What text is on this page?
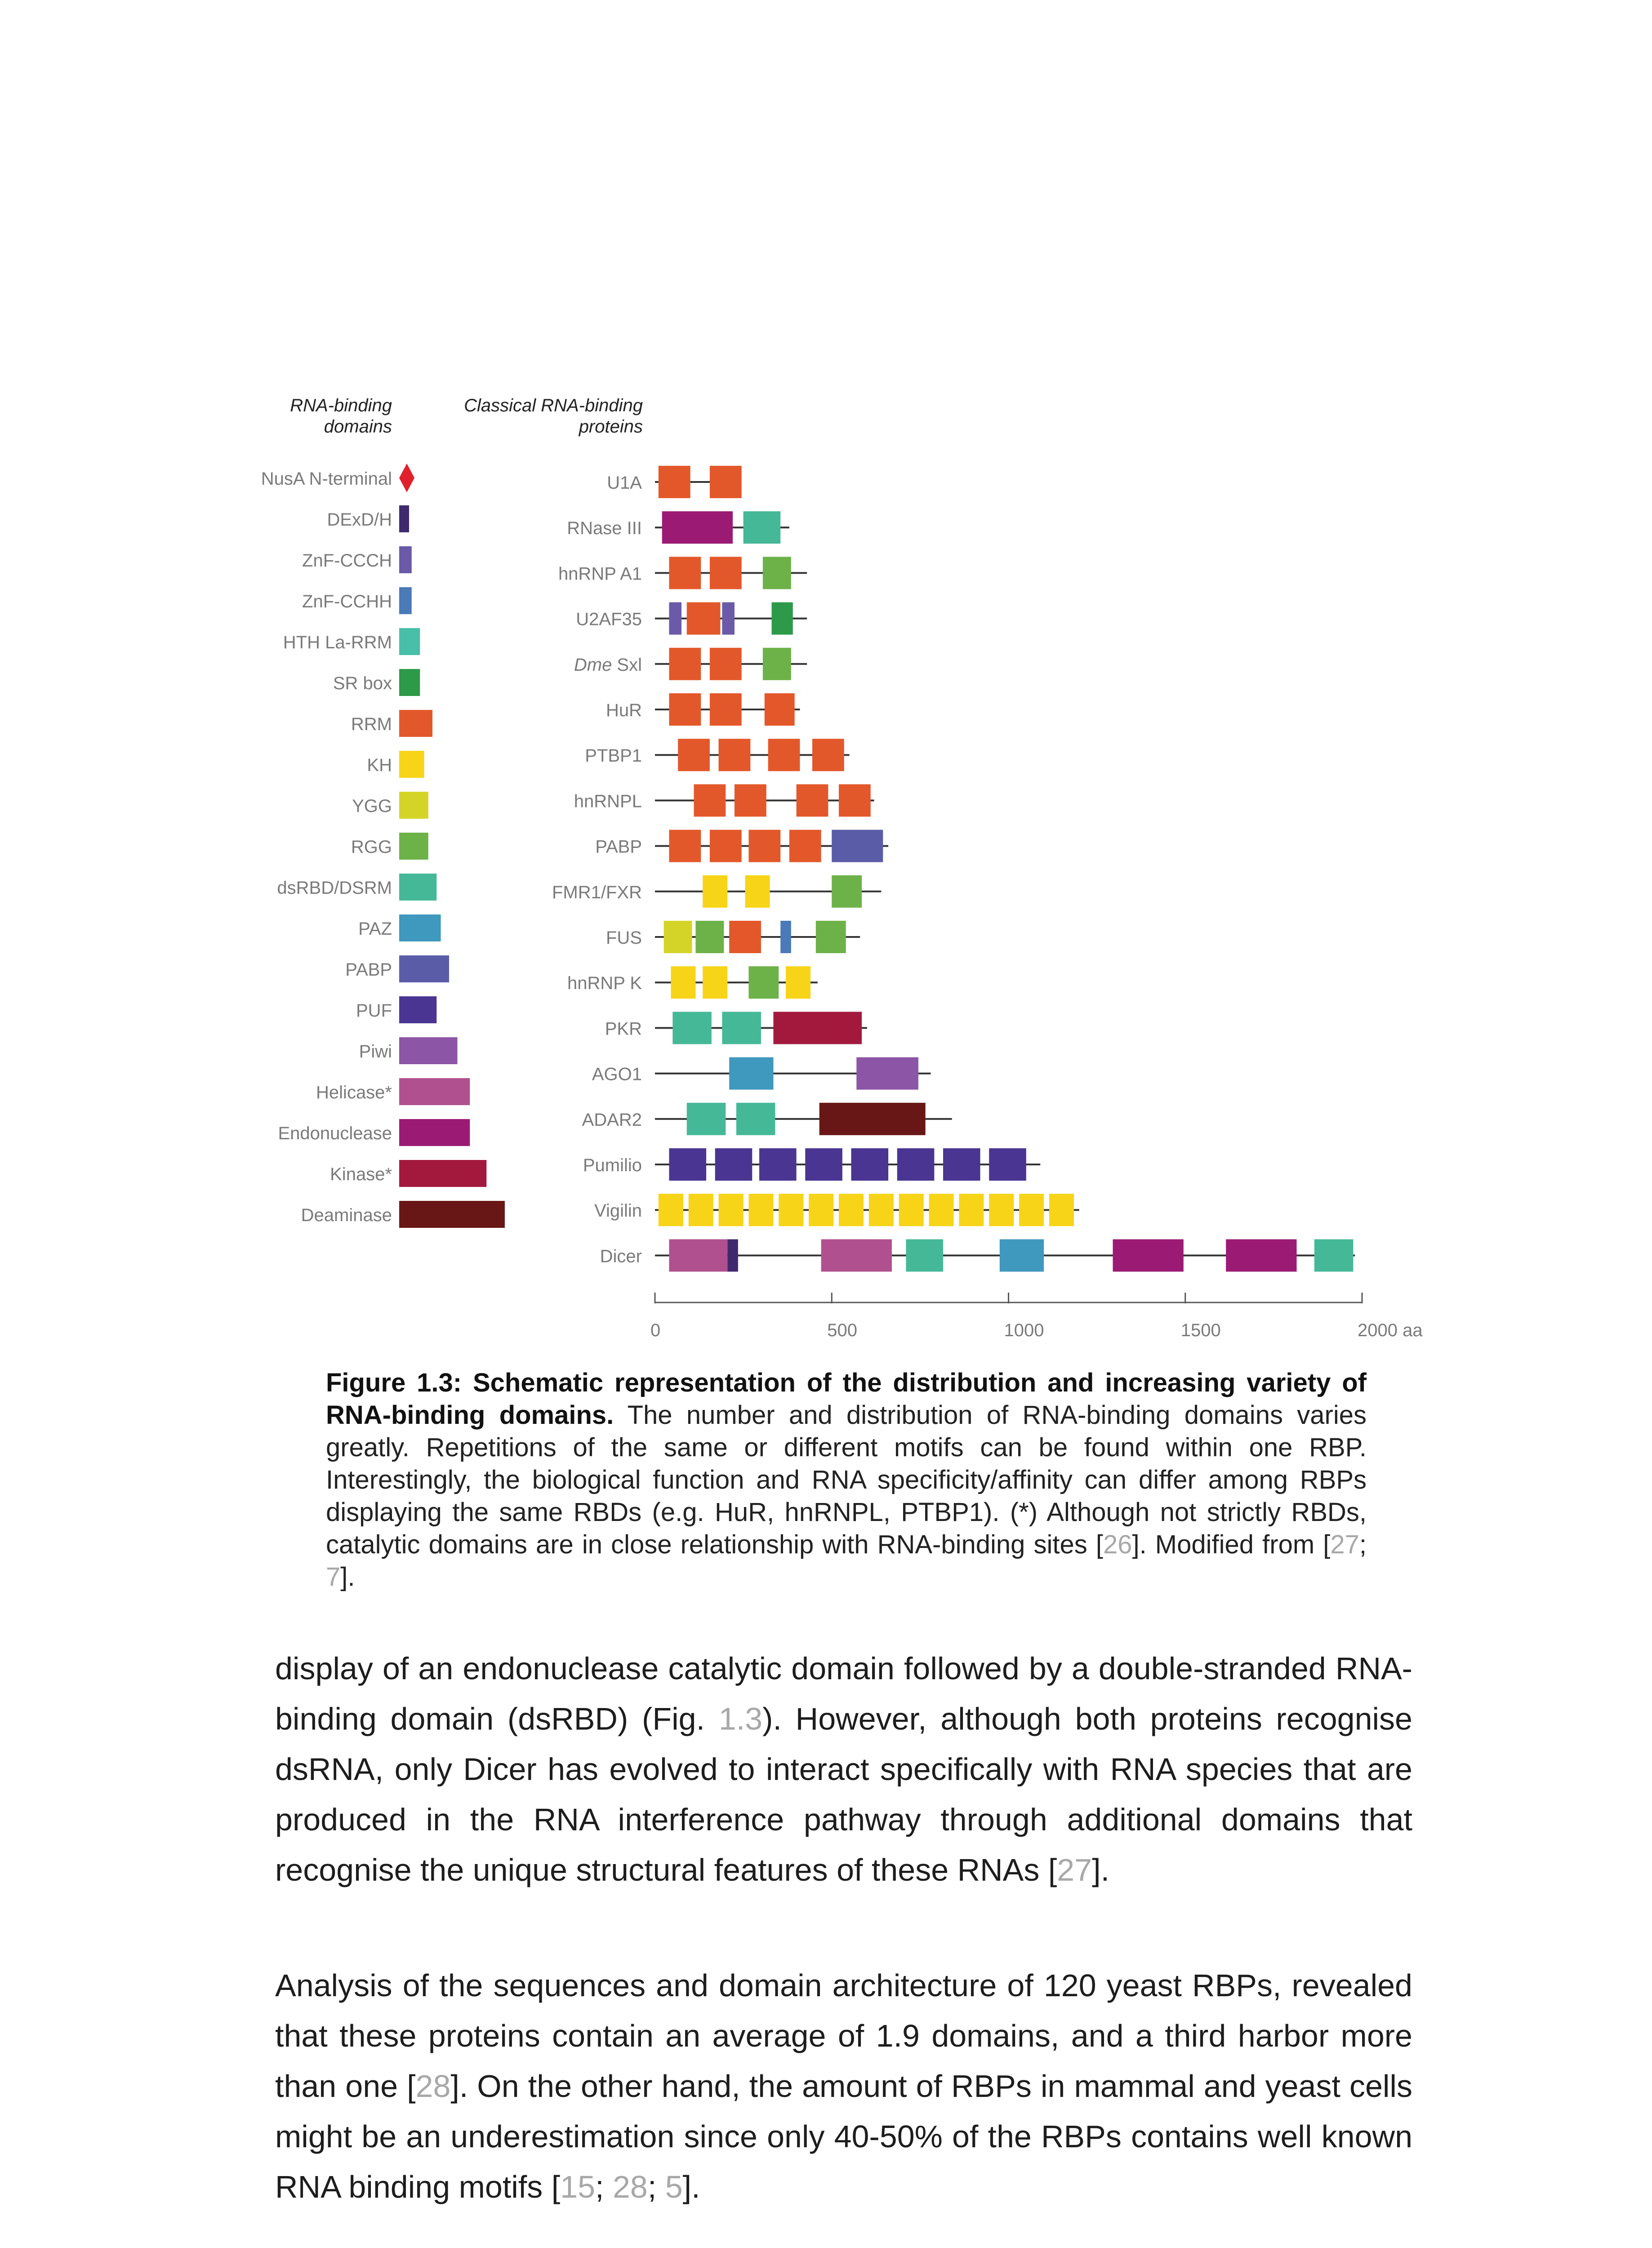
RNA-binding
domains
Classical RNA-binding
proteins
NusA N-terminal
DExD/H
ZnF-CCCH
ZnF-CCHH
HTH La-RRM
SR box
RRM
KH
YGG
RGG
dsRBD/DSRM
PAZ
PABP
PUF
Piwi
Helicase*
Endonuclease
Kinase*
Deaminase
U1A
RNase III
hnRNP A1
U2AF35
Dme Sxl
HuR
PTBP1
hnRNPL
PABP
FMR1/FXR
FUS
hnRNP K
PKR
AGO1
ADAR2
Pumilio
Vigilin
Dicer
0	500	1000	1500	2000 aa

Figure 1.3: Schematic representation of the distribution and increasing variety of RNA-binding domains. The number and distribution of RNA-binding domains varies greatly. Repetitions of the same or different motifs can be found within one RBP. Interestingly, the biological function and RNA specificity/affinity can differ among RBPs displaying the same RBDs (e.g. HuR, hnRNPL, PTBP1). (*) Although not strictly RBDs, catalytic domains are in close relationship with RNA-binding sites [26]. Modified from [27; 7].

display of an endonuclease catalytic domain followed by a double-stranded RNA-binding domain (dsRBD) (Fig. 1.3). However, although both proteins recognise dsRNA, only Dicer has evolved to interact specifically with RNA species that are produced in the RNA interference pathway through additional domains that recognise the unique structural features of these RNAs [27].

Analysis of the sequences and domain architecture of 120 yeast RBPs, revealed that these proteins contain an average of 1.9 domains, and a third harbor more than one [28]. On the other hand, the amount of RBPs in mammal and yeast cells might be an underestimation since only 40-50% of the RBPs contains well known RNA binding motifs [15; 28; 5].
